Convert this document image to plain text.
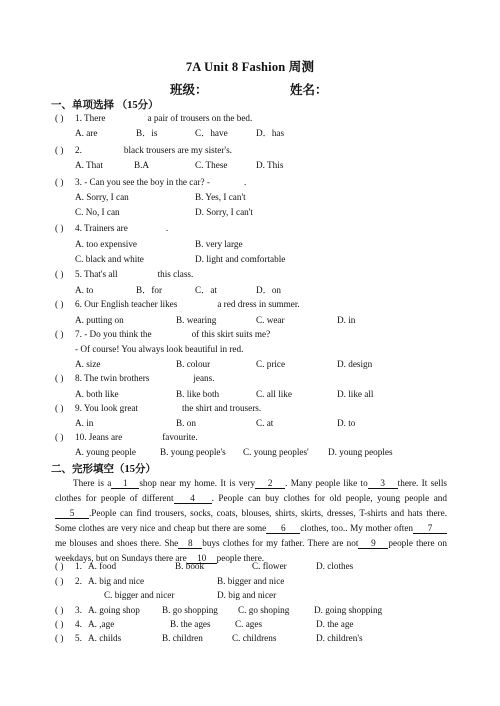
7A Unit 8 Fashion 周测
班级：	姓名：
一、单项选择 （15分）
( ) 1. There	a pair of trousers on the bed.
A. are	B．is	C．have	D．has
( ) 2.	black trousers are my sister's.
A. That	B.A	C. These	D. This
( ) 3. - Can you see the boy in the car? -	.
A. Sorry, I can	B. Yes, I can't
C. No, I can	D. Sorry, I can't
( ) 4. Trainers are	.
A. too expensive	B. very large
C. black and white	D. light and comfortable
( ) 5. That's all	this class.
A. to	B．for	C．at	D．on
( ) 6. Our English teacher likes	a red dress in summer.
A. putting on	B. wearing	C. wear	D. in
( ) 7. - Do you think the	of this skirt suits me?
- Of course! You always look beautiful in red.
A. size	B. colour	C. price	D. design
( ) 8. The twin brothers	jeans.
A. both like	B. like both	C. all like	D. like all
( ) 9. You look great	the shirt and trousers.
A. in	B. on	C. at	D. to
( ) 10. Jeans are	favourite.
A. young people	B. young people's C. young peoples' D. young peoples
二、完形填空（15分）
There is a 1 shop near my home. It is very 2 . Many people like to 3 there. It sells clothes for people of different 4 . People can buy clothes for old people, young people and5 .People can find trousers, socks, coats, blouses, shirts, skirts, dresses, T-shirts and hats there. Some clothes are very nice and cheap but there are some 6 clothes, too.. My mother often 7me blouses and shoes there. She 8 buys clothes for my father. There are not 9 people there on weekdays, but on Sundays there are 10 people there.
( ) 1. A. food	B. book	C. flower	D. clothes
( ) 2. A. big and nice	B. bigger and nice
C. bigger and nicer	D. big and nicer
( ) 3. A. going shop B. go shopping C. go shoping	D. going shopping
( ) 4. A. ,age	B. the ages	C. ages	D. the age
( ) 5. A. childs	B. children	C. childrens	D. children's
